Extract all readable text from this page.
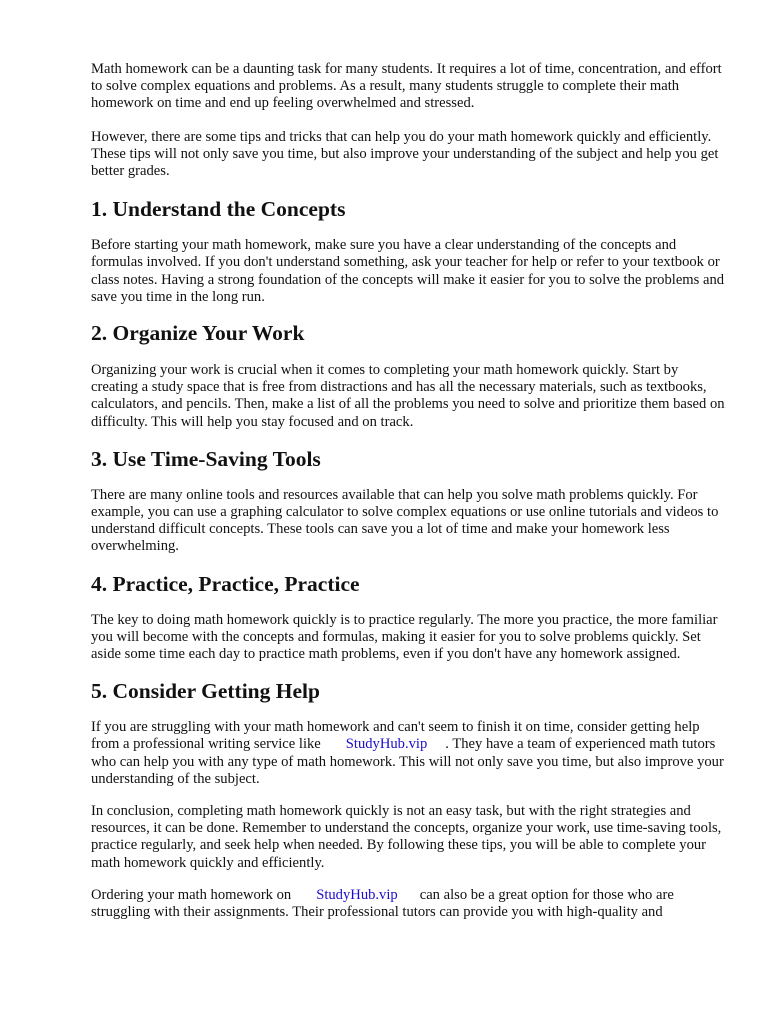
Math homework can be a daunting task for many students. It requires a lot of time, concentration, and effort to solve complex equations and problems. As a result, many students struggle to complete their math homework on time and end up feeling overwhelmed and stressed.

However, there are some tips and tricks that can help you do your math homework quickly and efficiently. These tips will not only save you time, but also improve your understanding of the subject and help you get better grades.

1. Understand the Concepts

Before starting your math homework, make sure you have a clear understanding of the concepts and formulas involved. If you don't understand something, ask your teacher for help or refer to your textbook or class notes. Having a strong foundation of the concepts will make it easier for you to solve the problems and save you time in the long run.

2. Organize Your Work

Organizing your work is crucial when it comes to completing your math homework quickly. Start by creating a study space that is free from distractions and has all the necessary materials, such as textbooks, calculators, and pencils. Then, make a list of all the problems you need to solve and prioritize them based on difficulty. This will help you stay focused and on track.

3. Use Time-Saving Tools

There are many online tools and resources available that can help you solve math problems quickly. For example, you can use a graphing calculator to solve complex equations or use online tutorials and videos to understand difficult concepts. These tools can save you a lot of time and make your homework less overwhelming.

4. Practice, Practice, Practice

The key to doing math homework quickly is to practice regularly. The more you practice, the more familiar you will become with the concepts and formulas, making it easier for you to solve problems quickly. Set aside some time each day to practice math problems, even if you don't have any homework assigned.

5. Consider Getting Help

If you are struggling with your math homework and can't seem to finish it on time, consider getting help from a professional writing service like StudyHub.vip . They have a team of experienced math tutors who can help you with any type of math homework. This will not only save you time, but also improve your understanding of the subject.

In conclusion, completing math homework quickly is not an easy task, but with the right strategies and resources, it can be done. Remember to understand the concepts, organize your work, use time-saving tools, practice regularly, and seek help when needed. By following these tips, you will be able to complete your math homework quickly and efficiently.

Ordering your math homework on StudyHub.vip can also be a great option for those who are struggling with their assignments. Their professional tutors can provide you with high-quality and
